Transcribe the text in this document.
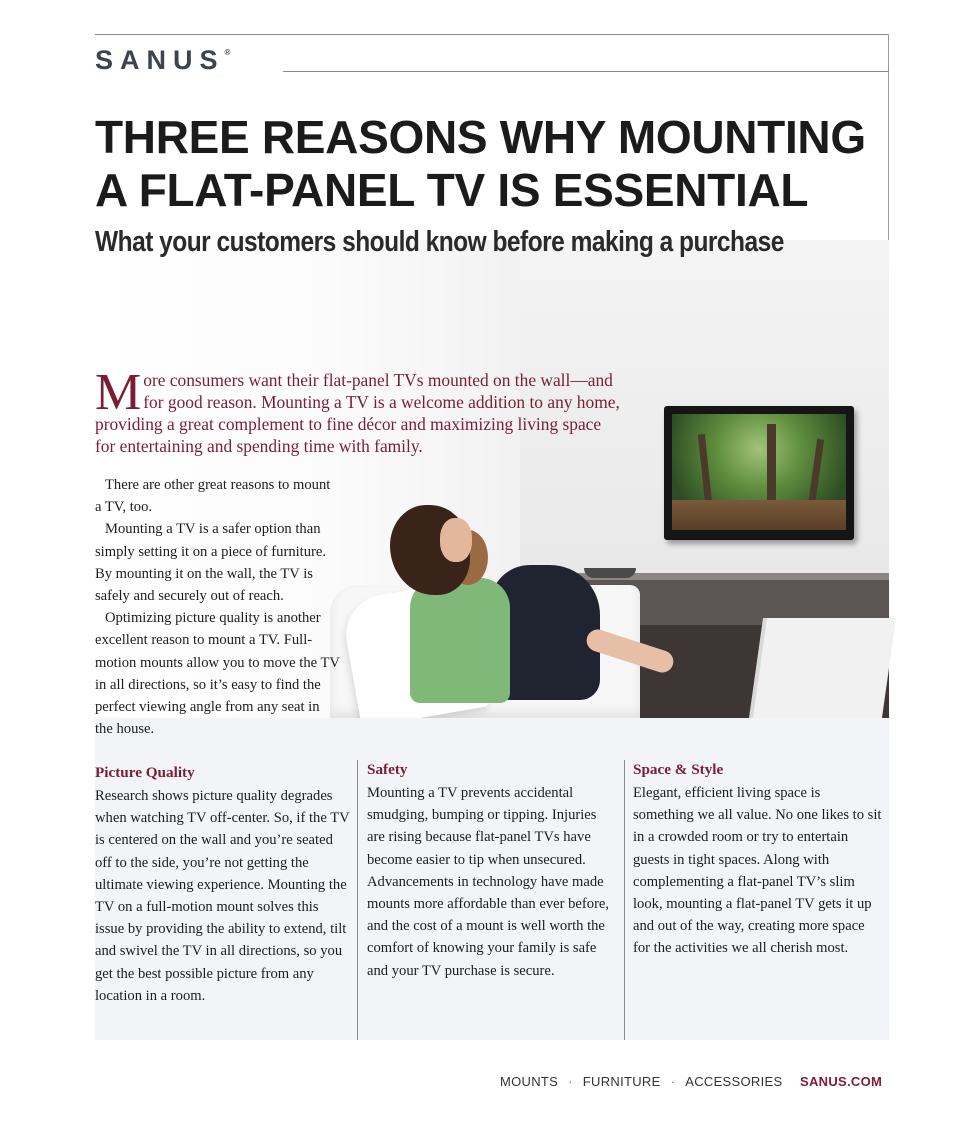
SANUS®
THREE REASONS WHY MOUNTING
A FLAT-PANEL TV IS ESSENTIAL
What your customers should know before making a purchase

More consumers want their flat-panel TVs mounted on the wall—and for good reason. Mounting a TV is a welcome addition to any home, providing a great complement to fine décor and maximizing living space for entertaining and spending time with family.

There are other great reasons to mount a TV, too.

Mounting a TV is a safer option than simply setting it on a piece of furniture. By mounting it on the wall, the TV is safely and securely out of reach.

Optimizing picture quality is another excellent reason to mount a TV. Full-motion mounts allow you to move the TV in all directions, so it’s easy to find the perfect viewing angle from any seat in the house.

Picture Quality

Research shows picture quality degrades when watching TV off-center. So, if the TV is centered on the wall and you’re seated off to the side, you’re not getting the ultimate viewing experience. Mounting the TV on a full-motion mount solves this issue by providing the ability to extend, tilt and swivel the TV in all directions, so you get the best possible picture from any location in a room.

Safety

Mounting a TV prevents accidental smudging, bumping or tipping. Injuries are rising because flat-panel TVs have become easier to tip when unsecured. Advancements in technology have made mounts more affordable than ever before, and the cost of a mount is well worth the comfort of knowing your family is safe and your TV purchase is secure.

Space & Style

Elegant, efficient living space is something we all value. No one likes to sit in a crowded room or try to entertain guests in tight spaces. Along with complementing a flat-panel TV’s slim look, mounting a flat-panel TV gets it up and out of the way, creating more space for the activities we all cherish most.

MOUNTS · FURNITURE · ACCESSORIES SANUS.COM
